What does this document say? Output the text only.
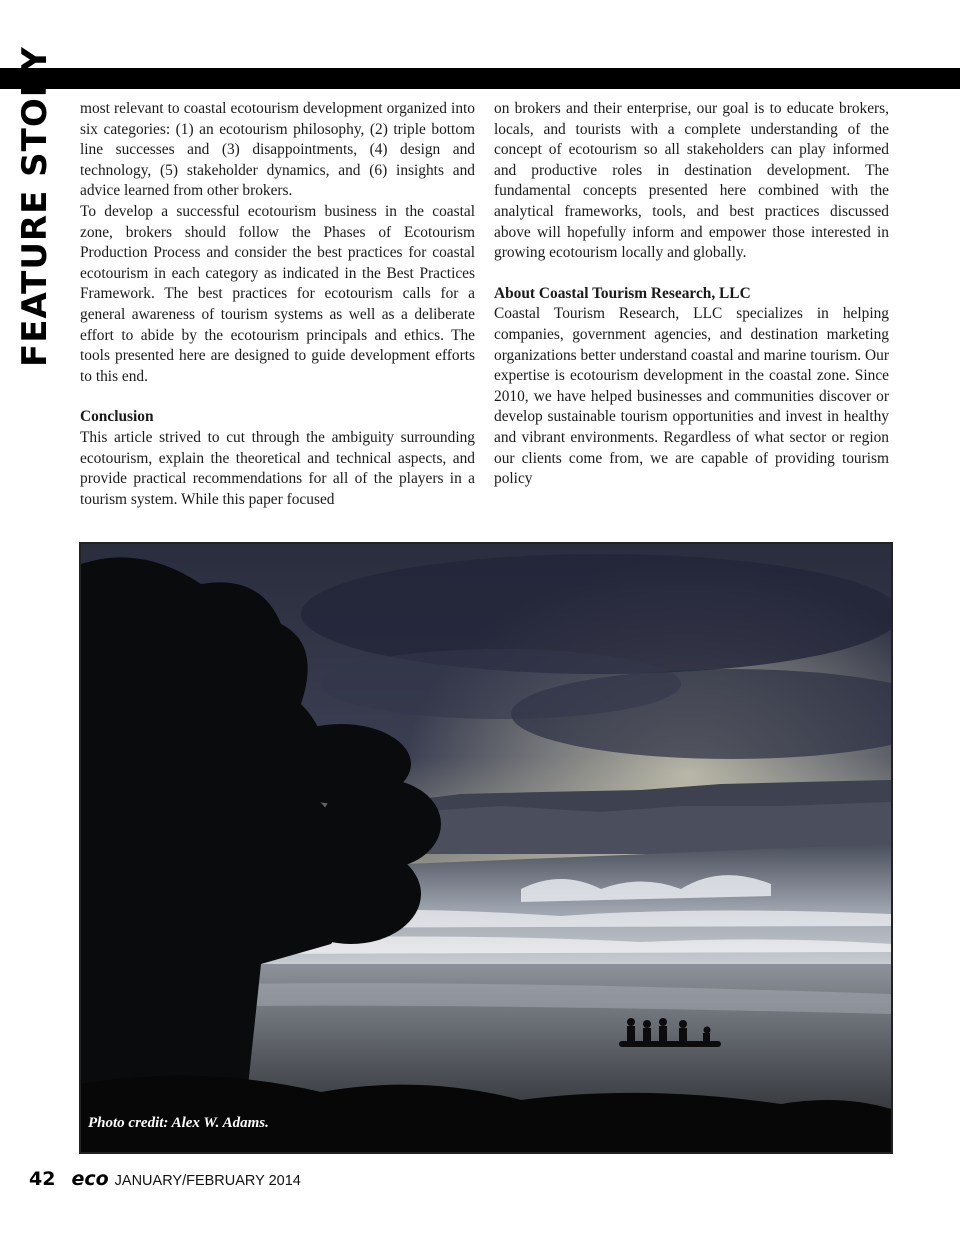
FEATURE STORY	most relevant to coastal ecotourism development organized into six categories: (1) an ecotourism philosophy, (2) triple bottom line successes and (3) disappointments, (4) design and technology, (5) stakeholder dynamics, and (6) insights and advice learned from other brokers.

To develop a successful ecotourism business in the coastal zone, brokers should follow the Phases of Ecotourism Production Process and consider the best practices for coastal ecotourism in each category as indicated in the Best Practices Framework. The best practices for ecotourism calls for a general awareness of tourism systems as well as a deliberate effort to abide by the ecotourism principals and ethics. The tools presented here are designed to guide development efforts to this end.

Conclusion

This article strived to cut through the ambiguity surrounding ecotourism, explain the theoretical and technical aspects, and provide practical recommendations for all of the players in a tourism system. While this paper focused

on brokers and their enterprise, our goal is to educate brokers, locals, and tourists with a complete understanding of the concept of ecotourism so all stakeholders can play informed and productive roles in destination development. The fundamental concepts presented here combined with the analytical frameworks, tools, and best practices discussed above will hopefully inform and empower those interested in growing ecotourism locally and globally.

About Coastal Tourism Research, LLC

Coastal Tourism Research, LLC specializes in helping companies, government agencies, and destination marketing organizations better understand coastal and marine tourism. Our expertise is ecotourism development in the coastal zone. Since 2010, we have helped businesses and communities discover or develop sustainable tourism opportunities and invest in healthy and vibrant environments. Regardless of what sector or region our clients come from, we are capable of providing tourism policy

Photo credit: Alex W. Adams.
42 eco JANUARY/FEBRUARY 2014
